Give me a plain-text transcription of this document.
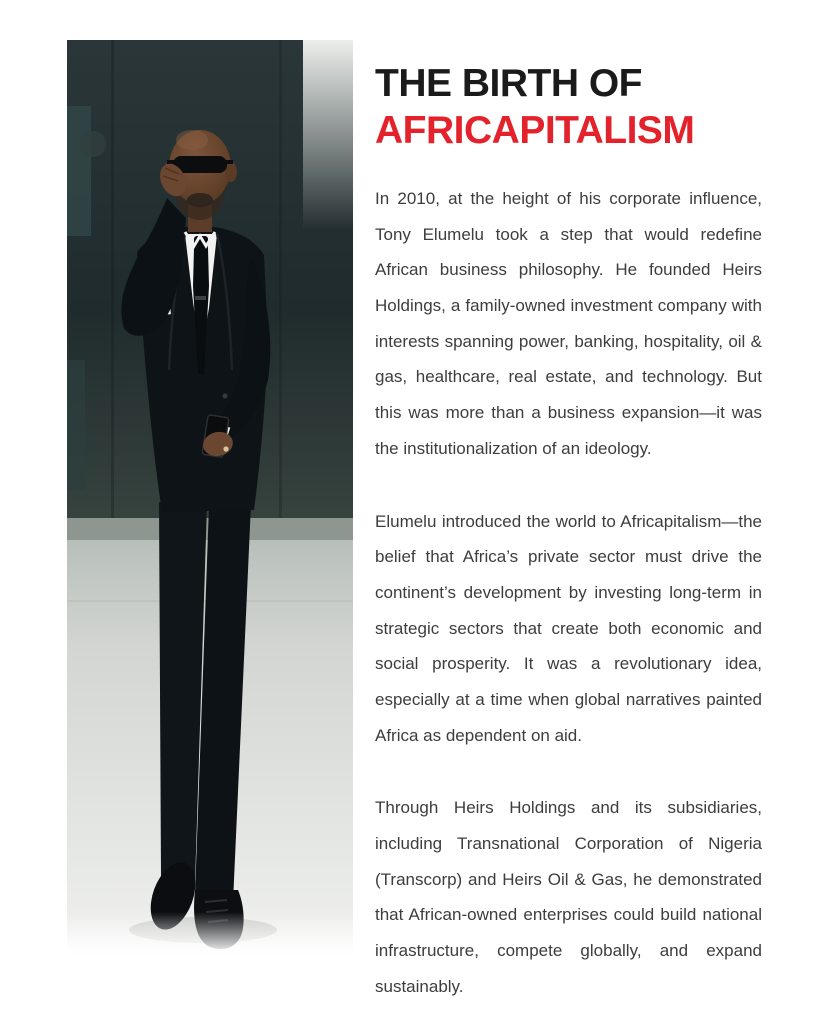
THE BIRTH OF
AFRICAPITALISM

In 2010, at the height of his corporate influence, Tony Elumelu took a step that would redefine African business philosophy. He founded Heirs Holdings, a family-owned investment company with interests spanning power, banking, hospitality, oil & gas, healthcare, real estate, and technology. But this was more than a business expansion—it was the institutionalization of an ideology.

Elumelu introduced the world to Africapitalism—the belief that Africa’s private sector must drive the continent’s development by investing long-term in strategic sectors that create both economic and social prosperity. It was a revolutionary idea, especially at a time when global narratives painted Africa as dependent on aid.

Through Heirs Holdings and its subsidiaries, including Transnational Corporation of Nigeria (Transcorp) and Heirs Oil & Gas, he demonstrated that African-owned enterprises could build national infrastructure, compete globally, and expand sustainably.
